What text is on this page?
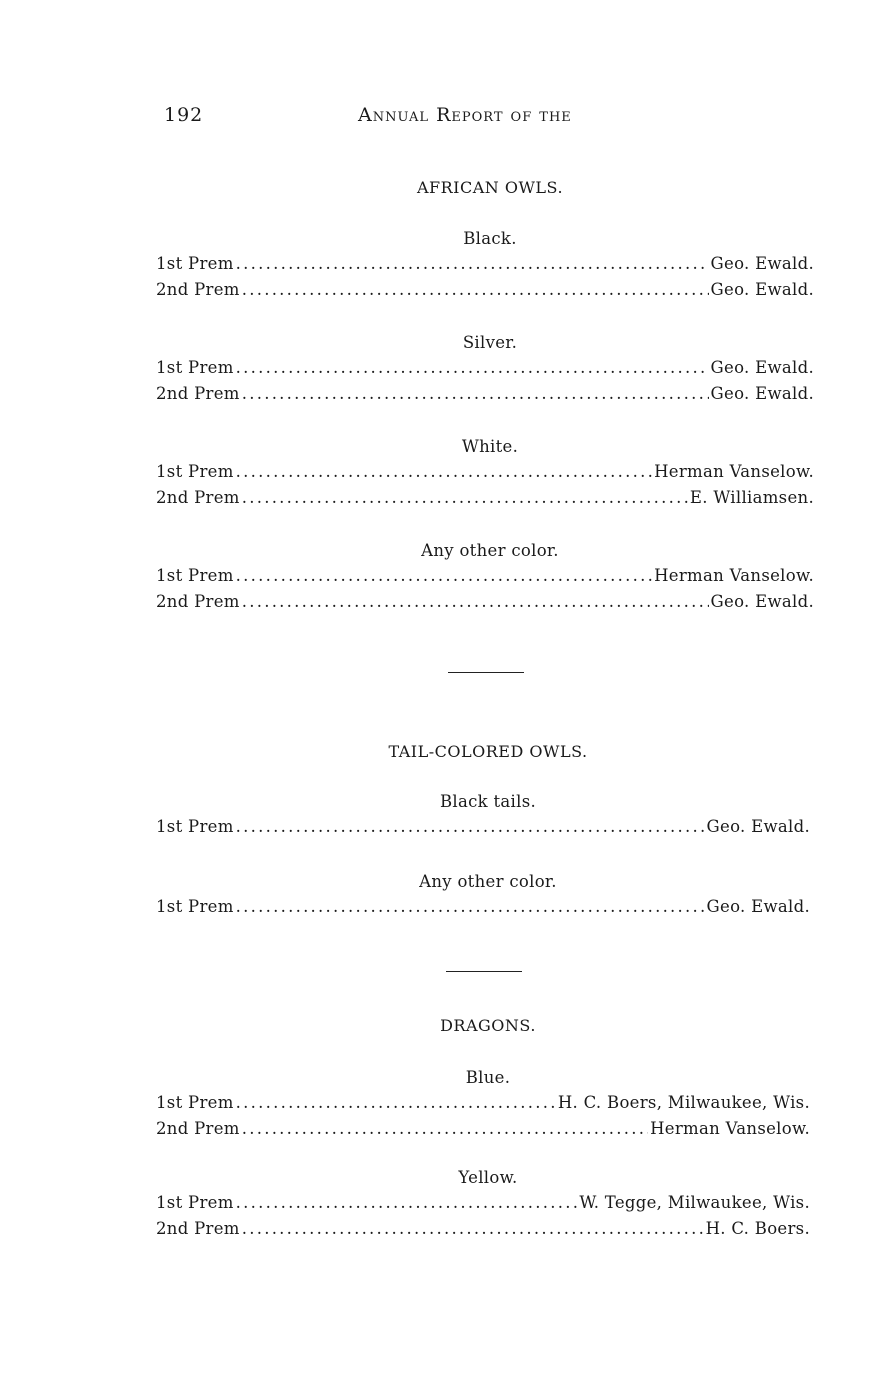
192	Annual Report of the
AFRICAN OWLS.
Black.
1st Prem . . .	Geo. Ewald.
2nd Prem . . .	Geo. Ewald.
Silver.
1st Prem . . .	Geo. Ewald.
2nd Prem . . .	Geo. Ewald.
White.
1st Prem . . .	Herman Vanselow.
2nd Prem . . .	E. Williamsen.
Any other color.
1st Prem . . .	Herman Vanselow.
2nd Prem . . .	Geo. Ewald.
TAIL-COLORED OWLS.
Black tails.
1st Prem . . .	Geo. Ewald.
Any other color.
1st Prem . . .	Geo. Ewald.
DRAGONS.
Blue.
1st Prem . . .	H. C. Boers, Milwaukee, Wis.
2nd Prem . . .	Herman Vanselow.
Yellow.
1st Prem . . .	W. Tegge, Milwaukee, Wis.
2nd Prem . . .	H. C. Boers.
